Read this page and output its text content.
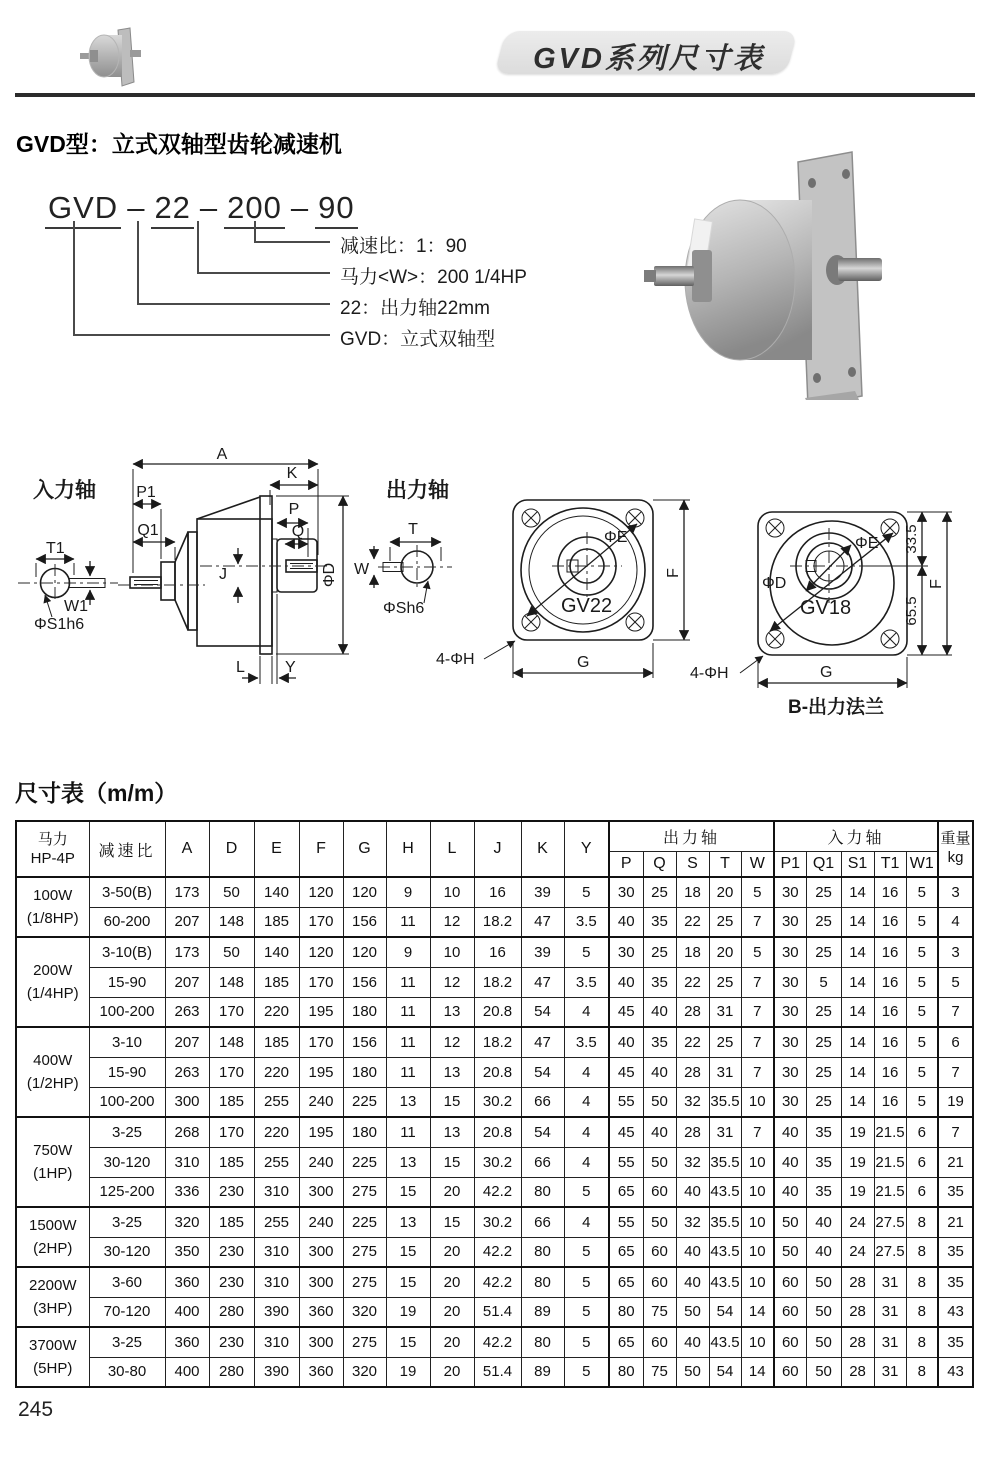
GVD系列尺寸表
GVD型：立式双轴型齿轮减速机
GVD – 22 – 200 – 90
减速比：1：90
马力<W>：200 1/4HP
22：出力轴22mm
GVD：立式双轴型
入力轴
T1
W1
ΦS1h6
A
K
P1
Q1
J
P
Q
ΦD
L	Y
出力轴
T
W
ΦSh6
ΦE
GV22
F
G
4-ΦH
ΦE
ΦD
GV18
33.5
65.5
F
G
4-ΦH
B-出力法兰
尺寸表（m/m）
马力
HP-4P	减速比	A	D	E	F	G	H	L	J	K	Y	出力轴	入力轴	重量
kg

												P	Q	S	T	W	P1	Q1	S1	T1	W1	

100W
(1/8HP)	3-50(B)	173	50	140	120	120	9	10	16	39	5	30	25	18	20	5	30	25	14	16	5	3
	60-200	207	148	185	170	156	11	12	18.2	47	3.5	40	35	22	25	7	30	25	14	16	5	4

200W
(1/4HP)	3-10(B)	173	50	140	120	120	9	10	16	39	5	30	25	18	20	5	30	25	14	16	5	3
	15-90	207	148	185	170	156	11	12	18.2	47	3.5	40	35	22	25	7	30	5	14	16	5	5
	100-200	263	170	220	195	180	11	13	20.8	54	4	45	40	28	31	7	30	25	14	16	5	7

400W
(1/2HP)	3-10	207	148	185	170	156	11	12	18.2	47	3.5	40	35	22	25	7	30	25	14	16	5	6
	15-90	263	170	220	195	180	11	13	20.8	54	4	45	40	28	31	7	30	25	14	16	5	7
	100-200	300	185	255	240	225	13	15	30.2	66	4	55	50	32	35.5	10	30	25	14	16	5	19

750W
(1HP)	3-25	268	170	220	195	180	11	13	20.8	54	4	45	40	28	31	7	40	35	19	21.5	6	7
	30-120	310	185	255	240	225	13	15	30.2	66	4	55	50	32	35.5	10	40	35	19	21.5	6	21
	125-200	336	230	310	300	275	15	20	42.2	80	5	65	60	40	43.5	10	40	35	19	21.5	6	35

1500W
(2HP)	3-25	320	185	255	240	225	13	15	30.2	66	4	55	50	32	35.5	10	50	40	24	27.5	8	21
	30-120	350	230	310	300	275	15	20	42.2	80	5	65	60	40	43.5	10	50	40	24	27.5	8	35

2200W
(3HP)	3-60	360	230	310	300	275	15	20	42.2	80	5	65	60	40	43.5	10	60	50	28	31	8	35
	70-120	400	280	390	360	320	19	20	51.4	89	5	80	75	50	54	14	60	50	28	31	8	43

3700W
(5HP)	3-25	360	230	310	300	275	15	20	42.2	80	5	65	60	40	43.5	10	60	50	28	31	8	35
	30-80	400	280	390	360	320	19	20	51.4	89	5	80	75	50	54	14	60	50	28	31	8	43
245
